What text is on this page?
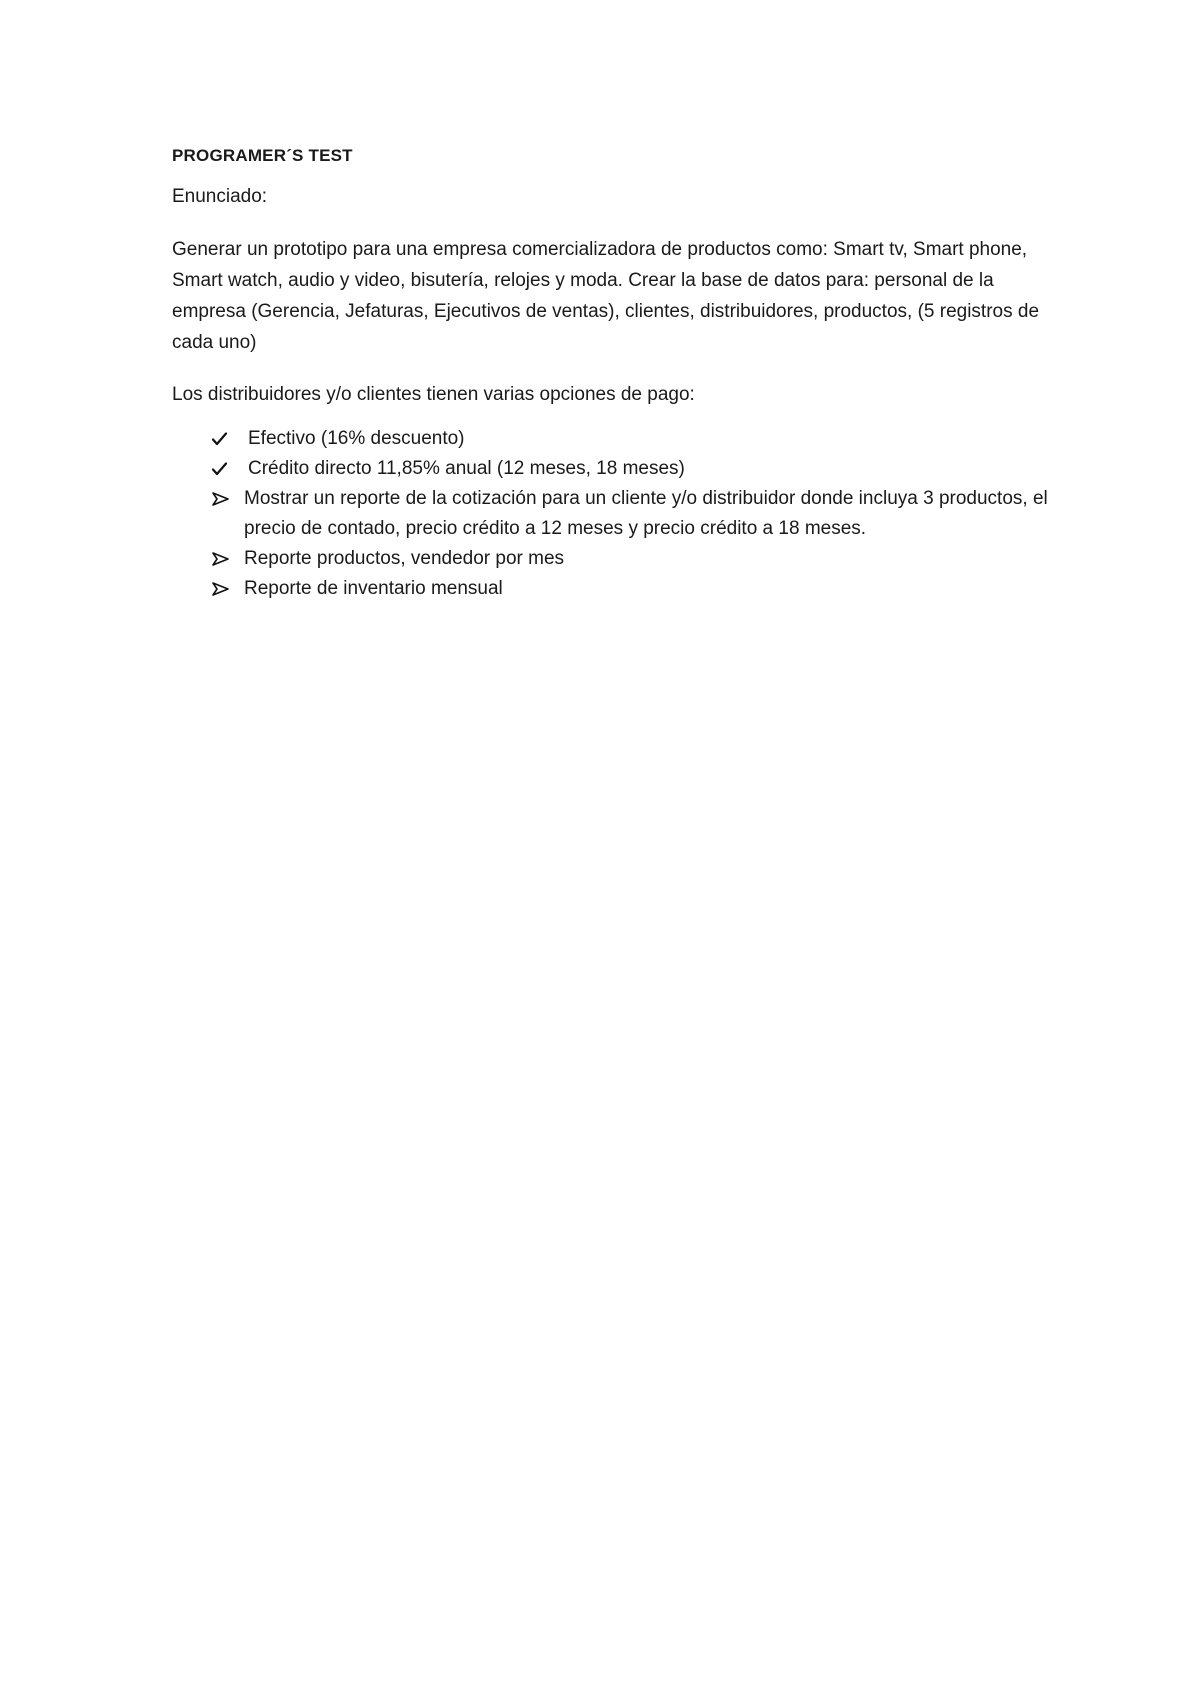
PROGRAMER´S TEST
Enunciado:
Generar un prototipo para una empresa comercializadora de productos como: Smart tv, Smart phone, Smart watch, audio y video, bisutería, relojes y moda. Crear la base de datos para: personal de la empresa (Gerencia, Jefaturas, Ejecutivos de ventas), clientes, distribuidores, productos, (5 registros de cada uno)
Los distribuidores y/o clientes tienen varias opciones de pago:
Efectivo (16% descuento)
Crédito directo 11,85% anual (12 meses, 18 meses)
Mostrar un reporte de la cotización para un cliente y/o distribuidor donde incluya 3 productos, el precio de contado, precio crédito a 12 meses y precio crédito a 18 meses.
Reporte productos, vendedor por mes
Reporte de inventario mensual
